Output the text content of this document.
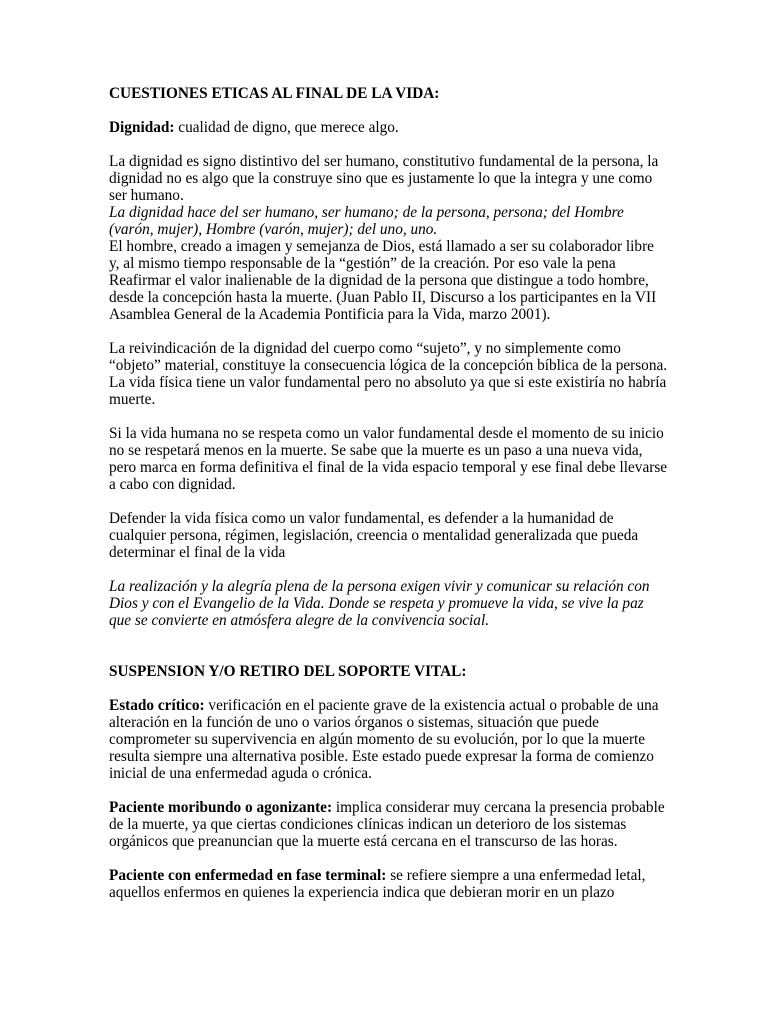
CUESTIONES ETICAS AL FINAL DE LA VIDA:

Dignidad: cualidad de digno, que merece algo.

La dignidad es signo distintivo del ser humano, constitutivo fundamental de la persona, la dignidad no es algo que la construye sino que es justamente lo que la integra y une como ser humano.

La dignidad hace del ser humano, ser humano; de la persona, persona; del Hombre (varón, mujer), Hombre (varón, mujer); del uno, uno.

El hombre, creado a imagen y semejanza de Dios, está llamado a ser su colaborador libre y, al mismo tiempo responsable de la “gestión” de la creación. Por eso vale la pena Reafirmar el valor inalienable de la dignidad de la persona que distingue a todo hombre, desde la concepción hasta la muerte. (Juan Pablo II, Discurso a los participantes en la VII Asamblea General de la Academia Pontificia para la Vida, marzo 2001).

La reivindicación de la dignidad del cuerpo como “sujeto”, y no simplemente como “objeto” material, constituye la consecuencia lógica de la concepción bíblica de la persona. La vida física tiene un valor fundamental pero no absoluto ya que si este existiría no habría muerte.

Si la vida humana no se respeta como un valor fundamental desde el momento de su inicio no se respetará menos en la muerte. Se sabe que la muerte es un paso a una nueva vida, pero marca en forma definitiva el final de la vida espacio temporal y ese final debe llevarse a cabo con dignidad.

Defender la vida física como un valor fundamental, es defender a la humanidad de cualquier persona, régimen, legislación, creencia o mentalidad generalizada que pueda determinar el final de la vida

La realización y la alegría plena de la persona exigen vivir y comunicar su relación con Dios y con el Evangelio de la Vida. Donde se respeta y promueve la vida, se vive la paz que se convierte en atmósfera alegre de la convivencia social.

SUSPENSION Y/O RETIRO DEL SOPORTE VITAL:

Estado crítico: verificación en el paciente grave de la existencia actual o probable de una alteración en la función de uno o varios órganos o sistemas, situación que puede comprometer su supervivencia en algún momento de su evolución, por lo que la muerte resulta siempre una alternativa posible. Este estado puede expresar la forma de comienzo inicial de una enfermedad aguda o crónica.

Paciente moribundo o agonizante: implica considerar muy cercana la presencia probable de la muerte, ya que ciertas condiciones clínicas indican un deterioro de los sistemas orgánicos que preanuncian que la muerte está cercana en el transcurso de las horas.

Paciente con enfermedad en fase terminal: se refiere siempre a una enfermedad letal, aquellos enfermos en quienes la experiencia indica que debieran morir en un plazo
